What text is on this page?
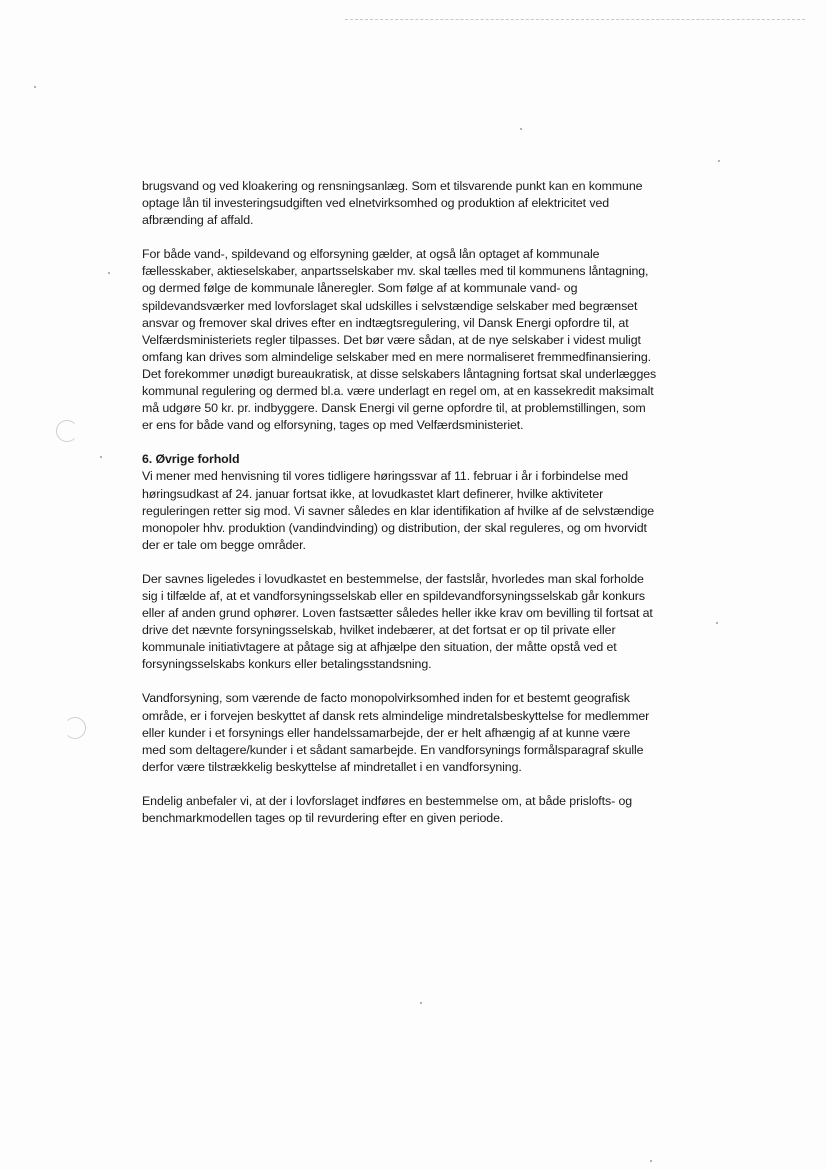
brugsvand og ved kloakering og rensningsanlæg. Som et tilsvarende punkt kan en kommune
optage lån til investeringsudgiften ved elnetvirksomhed og produktion af elektricitet ved
afbrænding af affald.
For både vand-, spildevand og elforsyning gælder, at også lån optaget af kommunale
fællesskaber, aktieselskaber, anpartsselskaber mv. skal tælles med til kommunens låntagning,
og dermed følge de kommunale låneregler. Som følge af at kommunale vand- og
spildevandsværker med lovforslaget skal udskilles i selvstændige selskaber med begrænset
ansvar og fremover skal drives efter en indtægtsregulering, vil Dansk Energi opfordre til, at
Velfærdsministeriets regler tilpasses. Det bør være sådan, at de nye selskaber i videst muligt
omfang kan drives som almindelige selskaber med en mere normaliseret fremmedfinansiering.
Det forekommer unødigt bureaukratisk, at disse selskabers låntagning fortsat skal underlægges
kommunal regulering og dermed bl.a. være underlagt en regel om, at en kassekredit maksimalt
må udgøre 50 kr. pr. indbyggere. Dansk Energi vil gerne opfordre til, at problemstillingen, som
er ens for både vand og elforsyning, tages op med Velfærdsministeriet.
6. Øvrige forhold
Vi mener med henvisning til vores tidligere høringssvar af 11. februar i år i forbindelse med
høringsudkast af 24. januar fortsat ikke, at lovudkastet klart definerer, hvilke aktiviteter
reguleringen retter sig mod. Vi savner således en klar identifikation af hvilke af de selvstændige
monopoler hhv. produktion (vandindvinding) og distribution, der skal reguleres, og om hvorvidt
der er tale om begge områder.
Der savnes ligeledes i lovudkastet en bestemmelse, der fastslår, hvorledes man skal forholde
sig i tilfælde af, at et vandforsyningsselskab eller en spildevandforsyningsselskab går konkurs
eller af anden grund ophører. Loven fastsætter således heller ikke krav om bevilling til fortsat at
drive det nævnte forsyningsselskab, hvilket indebærer, at det fortsat er op til private eller
kommunale initiativtagere at påtage sig at afhjælpe den situation, der måtte opstå ved et
forsyningsselskabs konkurs eller betalingsstandsning.
Vandforsyning, som værende de facto monopolvirksomhed inden for et bestemt geografisk
område, er i forvejen beskyttet af dansk rets almindelige mindretalsbeskyttelse for medlemmer
eller kunder i et forsynings eller handelssamarbejde, der er helt afhængig af at kunne være
med som deltagere/kunder i et sådant samarbejde. En vandforsynings formålsparagraf skulle
derfor være tilstrækkelig beskyttelse af mindretallet i en vandforsyning.
Endelig anbefaler vi, at der i lovforslaget indføres en bestemmelse om, at både prislofts- og
benchmarkmodellen tages op til revurdering efter en given periode.
